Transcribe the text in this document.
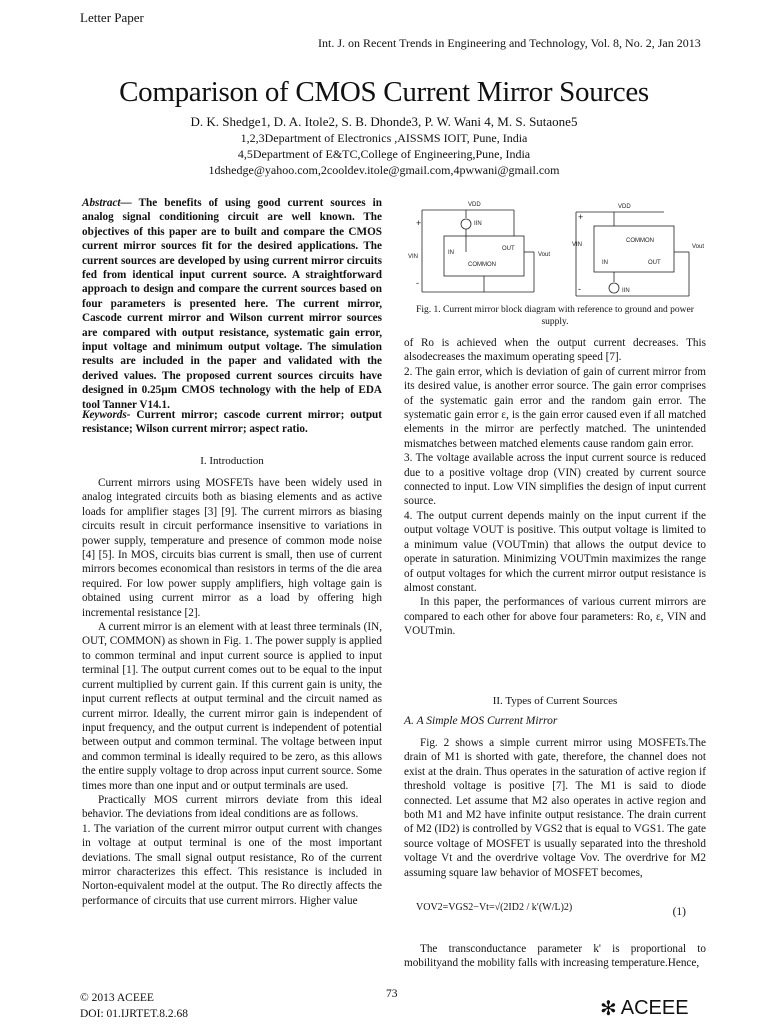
Letter Paper
Int. J. on Recent Trends in Engineering and Technology, Vol. 8, No. 2, Jan 2013
Comparison of CMOS Current Mirror Sources
D. K. Shedge1, D. A. Itole2, S. B. Dhonde3, P. W. Wani 4, M. S. Sutaone5
1,2,3Department of Electronics ,AISSMS IOIT, Pune, India
4,5Department of E&TC,College of Engineering,Pune, India
1dshedge@yahoo.com,2cooldev.itole@gmail.com,4pwwani@gmail.com
Abstract— The benefits of using good current sources in analog signal conditioning circuit are well known. The objectives of this paper are to built and compare the CMOS current mirror sources fit for the desired applications. The current sources are developed by using current mirror circuits fed from identical input current source. A straightforward approach to design and compare the current sources based on four parameters is presented here. The current mirror, Cascode current mirror and Wilson current mirror sources are compared with output resistance, systematic gain error, input voltage and minimum output voltage. The simulation results are included in the paper and validated with the derived values. The proposed current sources circuits have designed in 0.25µm CMOS technology with the help of EDA tool Tanner V14.1.
Keywords- Current mirror; cascode current mirror; output resistance; Wilson current mirror; aspect ratio.
I. Introduction

Current mirrors using MOSFETs have been widely used in analog integrated circuits both as biasing elements and as active loads for amplifier stages [3] [9]. The current mirrors as biasing circuits result in circuit performance insensitive to variations in power supply, temperature and presence of common mode noise [4] [5]. In MOS, circuits bias current is small, then use of current mirrors becomes economical than resistors in terms of the die area required. For low power supply amplifiers, high voltage gain is obtained using current mirror as a load by offering high incremental resistance [2].

A current mirror is an element with at least three terminals (IN, OUT, COMMON) as shown in Fig. 1. The power supply is applied to common terminal and input current source is applied to input terminal [1]. The output current comes out to be equal to the input current multiplied by current gain. If this current gain is unity, the input current reflects at output terminal and the circuit named as current mirror. Ideally, the current mirror gain is independent of input frequency, and the output current is independent of potential between output and common terminal. The voltage between input and common terminal is ideally required to be zero, as this allows the entire supply voltage to drop across input current source. Some times more than one input and or output terminals are used.

Practically MOS current mirrors deviate from this ideal behavior. The deviations from ideal conditions are as follows.

1. The variation of the current mirror output current with changes in voltage at output terminal is one of the most important deviations. The small signal output resistance, Ro of the current mirror characterizes this effect. This resistance is included in Norton-equivalent model at the output. The Ro directly affects the performance of circuits that use current mirrors. Higher value

VDD
IIN
VIN
IN
OUT
COMMON
Vout
+
-
VDD
VIN
COMMON
IN	OUT
IIN
Vout
+
-
Fig. 1. Current mirror block diagram with reference to ground and power supply.

of Ro is achieved when the output current decreases. This alsodecreases the maximum operating speed [7].

2. The gain error, which is deviation of gain of current mirror from its desired value, is another error source. The gain error comprises of the systematic gain error and the random gain error. The systematic gain error ε, is the gain error caused even if all matched elements in the mirror are perfectly matched. The unintended mismatches between matched elements cause random gain error.

3. The voltage available across the input current source is reduced due to a positive voltage drop (VIN) created by current source connected to input. Low VIN simplifies the design of input current source.

4. The output current depends mainly on the input current if the output voltage VOUT is positive. This output voltage is limited to a minimum value (VOUTmin) that allows the output device to operate in saturation. Minimizing VOUTmin maximizes the range of output voltages for which the current mirror output resistance is almost constant.

In this paper, the performances of various current mirrors are compared to each other for above four parameters: Ro, ε, VIN and VOUTmin.

II. Types of Current Sources
A. A Simple MOS Current Mirror

Fig. 2 shows a simple current mirror using MOSFETs.The drain of M1 is shorted with gate, therefore, the channel does not exist at the drain. Thus operates in the saturation of active region if threshold voltage is positive [7]. The M1 is said to diode connected. Let assume that M2 also operates in active region and both M1 and M2 have infinite output resistance. The drain current of M2 (ID2) is controlled by VGS2 that is equal to VGS1. The gate source voltage of MOSFET is usually separated into the threshold voltage Vt and the overdrive voltage Vov. The overdrive for M2 assuming square law behavior of MOSFET becomes,

VOV2=VGS2−Vt=√(2ID2 / k′(W/L)2)	(1)

The transconductance parameter k' is proportional to mobilityand the mobility falls with increasing temperature.Hence,

© 2013 ACEEE
DOI: 01.IJRTET.8.2.68
73
✻ ACEEE
